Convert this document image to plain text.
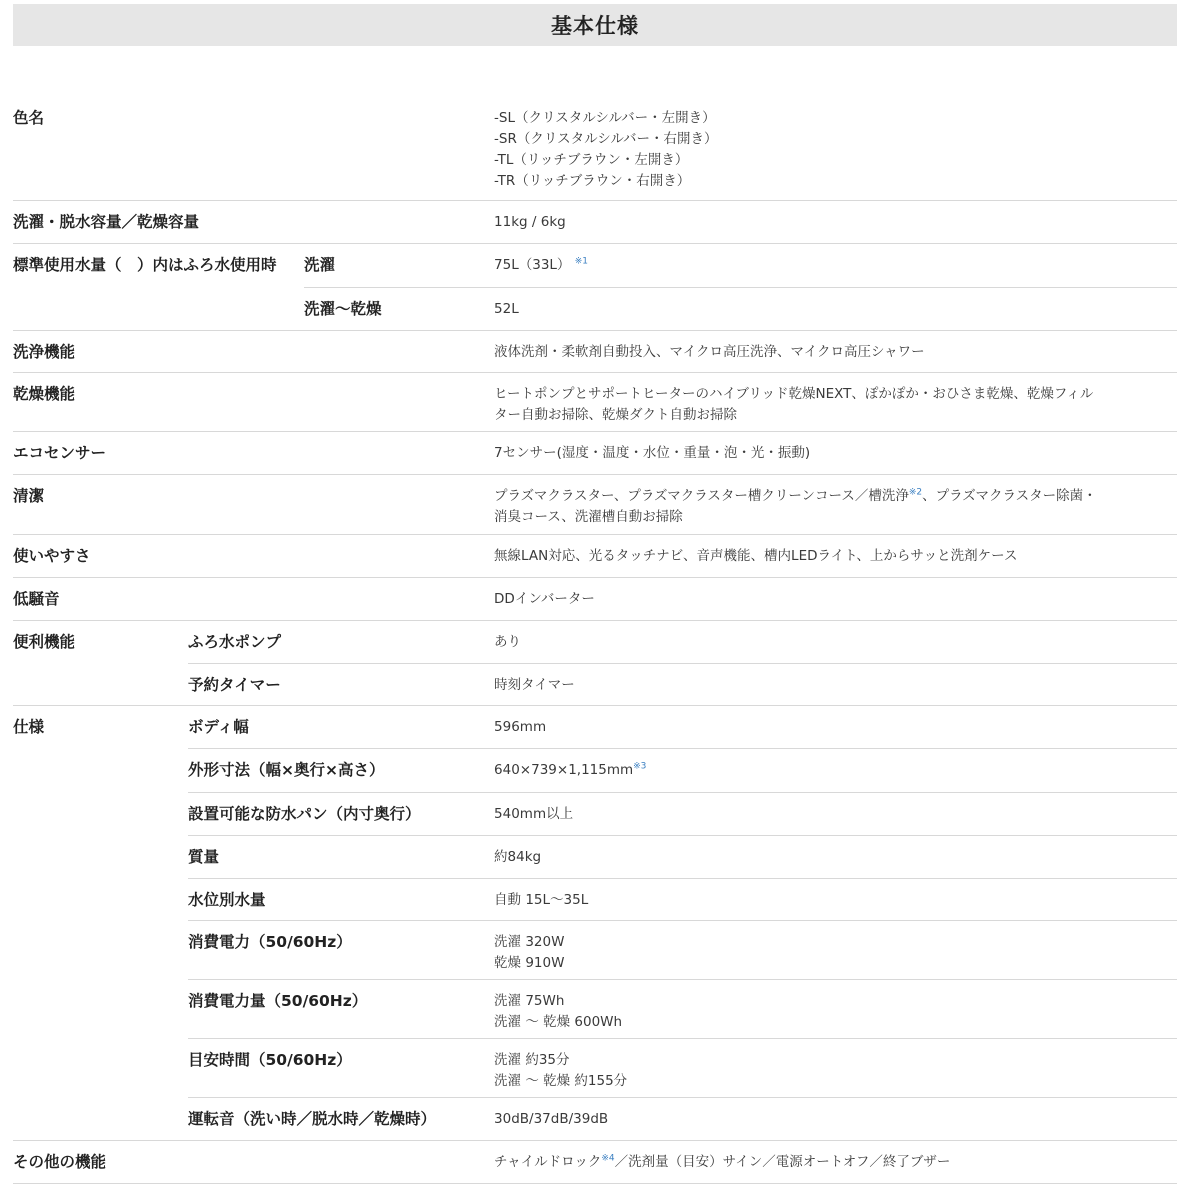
基本仕様
色名			-SL（クリスタルシルバー・左開き）
-SR（クリスタルシルバー・右開き）
-TL（リッチブラウン・左開き）
-TR（リッチブラウン・右開き）

洗濯・脱水容量／乾燥容量			11kg / 6kg
標準使用水量（　）内はふろ水使用時		洗濯	75L（33L） $^{※1}$
		洗濯〜乾燥	52L
洗浄機能			液体洗剤・柔軟剤自動投入、マイクロ高圧洗浄、マイクロ高圧シャワー
乾燥機能			ヒートポンプとサポートヒーターのハイブリッド乾燥NEXT、ぽかぽか・おひさま乾燥、乾燥フィル
ター自動お掃除、乾燥ダクト自動お掃除

エコセンサー			7センサー(湿度・温度・水位・重量・泡・光・振動)
清潔			プラズマクラスター、プラズマクラスター槽クリーンコース／槽洗浄$^{※2}$、プラズマクラスター除菌・
消臭コース、洗濯槽自動お掃除

使いやすさ			無線LAN対応、光るタッチナビ、音声機能、槽内LEDライト、上からサッと洗剤ケース
低騒音			DDインバーター
便利機能	ふろ水ポンプ		あり
	予約タイマー		時刻タイマー
仕様	ボディ幅		596mm
	外形寸法（幅×奥行×高さ）		640×739×1,115mm$^{※3}$
	設置可能な防水パン（内寸奥行）		540mm以上
	質量		約84kg
	水位別水量		自動 15L〜35L
	消費電力（50/60Hz）		洗濯 320W
乾燥 910W

	消費電力量（50/60Hz）		洗濯 75Wh
洗濯 〜 乾燥 600Wh

	目安時間（50/60Hz）		洗濯 約35分
洗濯 〜 乾燥 約155分

	運転音（洗い時／脱水時／乾燥時）		30dB/37dB/39dB
その他の機能			チャイルドロック$^{※4}$／洗剤量（目安）サイン／電源オートオフ／終了ブザー
